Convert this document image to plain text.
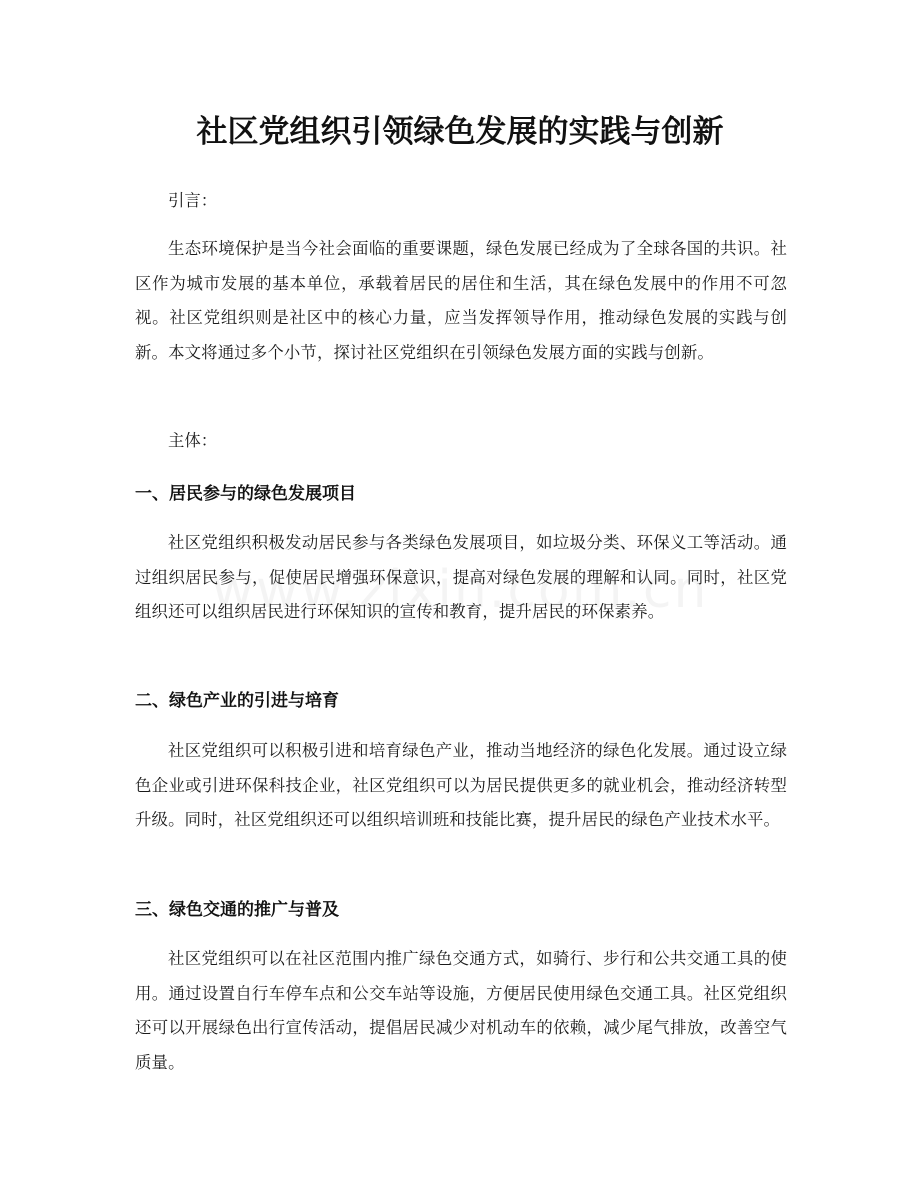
社区党组织引领绿色发展的实践与创新

引言：

生态环境保护是当今社会面临的重要课题，绿色发展已经成为了全球各国的共识。社区作为城市发展的基本单位，承载着居民的居住和生活，其在绿色发展中的作用不可忽视。社区党组织则是社区中的核心力量，应当发挥领导作用，推动绿色发展的实践与创新。本文将通过多个小节，探讨社区党组织在引领绿色发展方面的实践与创新。

主体：

一、居民参与的绿色发展项目

社区党组织积极发动居民参与各类绿色发展项目，如垃圾分类、环保义工等活动。通过组织居民参与，促使居民增强环保意识，提高对绿色发展的理解和认同。同时，社区党组织还可以组织居民进行环保知识的宣传和教育，提升居民的环保素养。

二、绿色产业的引进与培育

社区党组织可以积极引进和培育绿色产业，推动当地经济的绿色化发展。通过设立绿色企业或引进环保科技企业，社区党组织可以为居民提供更多的就业机会，推动经济转型升级。同时，社区党组织还可以组织培训班和技能比赛，提升居民的绿色产业技术水平。

三、绿色交通的推广与普及

社区党组织可以在社区范围内推广绿色交通方式，如骑行、步行和公共交通工具的使用。通过设置自行车停车点和公交车站等设施，方便居民使用绿色交通工具。社区党组织还可以开展绿色出行宣传活动，提倡居民减少对机动车的依赖，减少尾气排放，改善空气质量。
